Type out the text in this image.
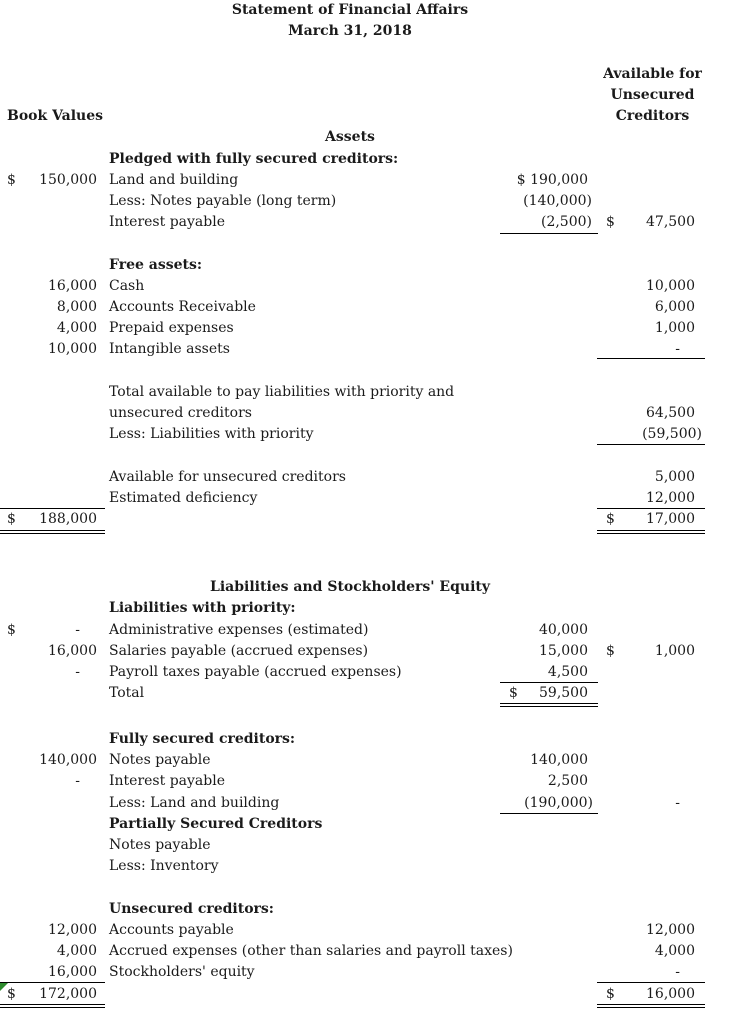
Statement of Financial Affairs
March 31, 2018
Available for
Unsecured
Creditors
Book Values
Assets
Pledged with fully secured creditors:
$	150,000 Land and building	$ 190,000
Less: Notes payable (long term)	(140,000)
Interest payable	(2,500) $	47,500
Free assets:
16,000 Cash	10,000
8,000 Accounts Receivable	6,000
4,000 Prepaid expenses	1,000
10,000 Intangible assets	-
Total available to pay liabilities with priority and
unsecured creditors	64,500
Less: Liabilities with priority	(59,500)
Available for unsecured creditors	5,000
Estimated deficiency	12,000
$	188,000	$	17,000
Liabilities and Stockholders' Equity
Liabilities with priority:
$	- Administrative expenses (estimated)	40,000
16,000 Salaries payable (accrued expenses)	15,000 $	1,000
- Payroll taxes payable (accrued expenses)	4,500
Total	$	59,500
Fully secured creditors:
140,000 Notes payable	140,000
- Interest payable	2,500
Less: Land and building	(190,000)	-
Partially Secured Creditors
Notes payable
Less: Inventory
Unsecured creditors:
12,000 Accounts payable	12,000
4,000 Accrued expenses (other than salaries and payroll taxes)	4,000
16,000 Stockholders' equity	-
$	172,000	$	16,000
